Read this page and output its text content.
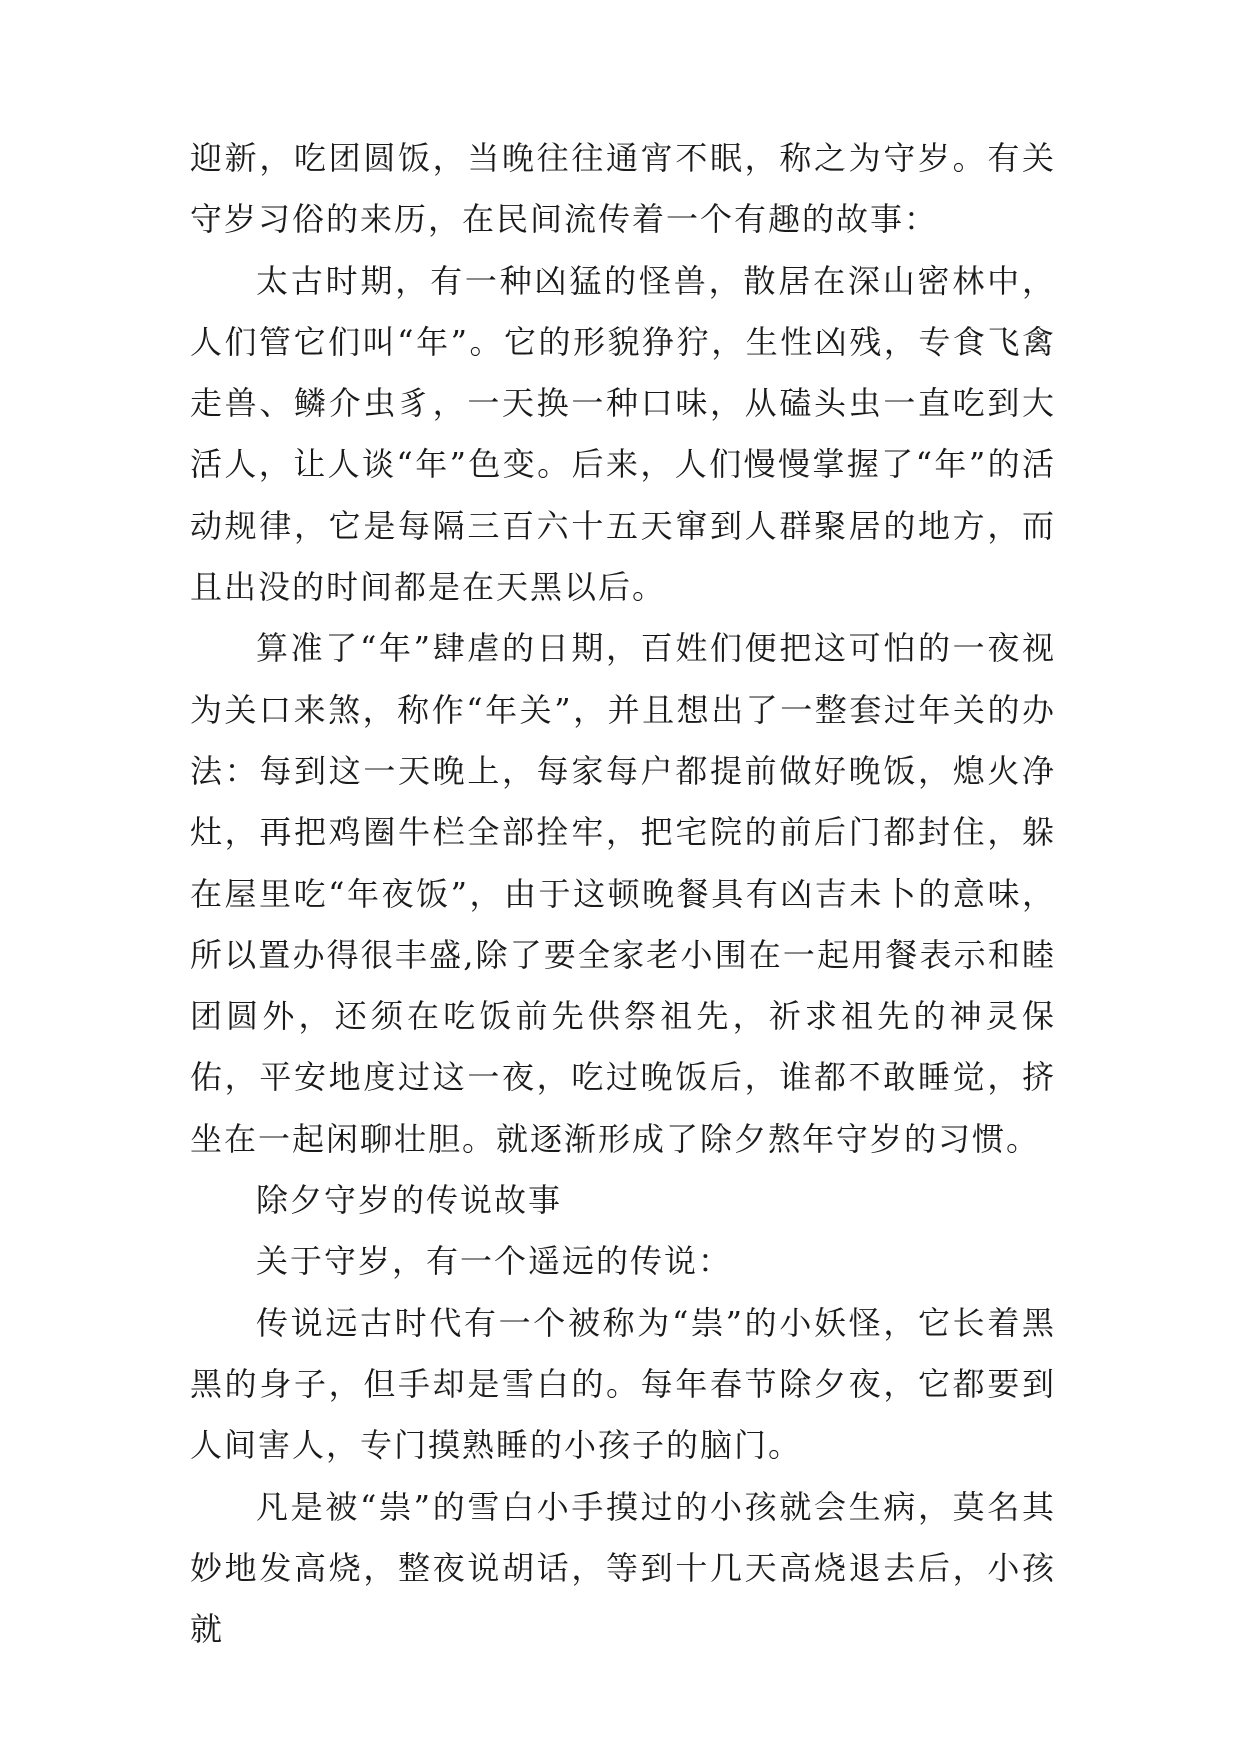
迎新，吃团圆饭，当晚往往通宵不眠，称之为守岁。有关守岁习俗的来历，在民间流传着一个有趣的故事：

太古时期，有一种凶猛的怪兽，散居在深山密林中，人们管它们叫“年”。它的形貌狰狞，生性凶残，专食飞禽走兽、鳞介虫豸，一天换一种口味，从磕头虫一直吃到大活人，让人谈“年”色变。后来，人们慢慢掌握了“年”的活动规律，它是每隔三百六十五天窜到人群聚居的地方，而且出没的时间都是在天黑以后。

算准了“年”肆虐的日期，百姓们便把这可怕的一夜视为关口来煞，称作“年关”，并且想出了一整套过年关的办法：每到这一天晚上，每家每户都提前做好晚饭，熄火净灶，再把鸡圈牛栏全部拴牢，把宅院的前后门都封住，躲在屋里吃“年夜饭”，由于这顿晚餐具有凶吉未卜的意味，所以置办得很丰盛,除了要全家老小围在一起用餐表示和睦团圆外，还须在吃饭前先供祭祖先，祈求祖先的神灵保佑，平安地度过这一夜，吃过晚饭后，谁都不敢睡觉，挤坐在一起闲聊壮胆。就逐渐形成了除夕熬年守岁的习惯。

除夕守岁的传说故事

关于守岁，有一个遥远的传说：

传说远古时代有一个被称为“祟”的小妖怪，它长着黑黑的身子，但手却是雪白的。每年春节除夕夜，它都要到人间害人，专门摸熟睡的小孩子的脑门。

凡是被“祟”的雪白小手摸过的小孩就会生病，莫名其妙地发高烧，整夜说胡话，等到十几天高烧退去后，小孩就
